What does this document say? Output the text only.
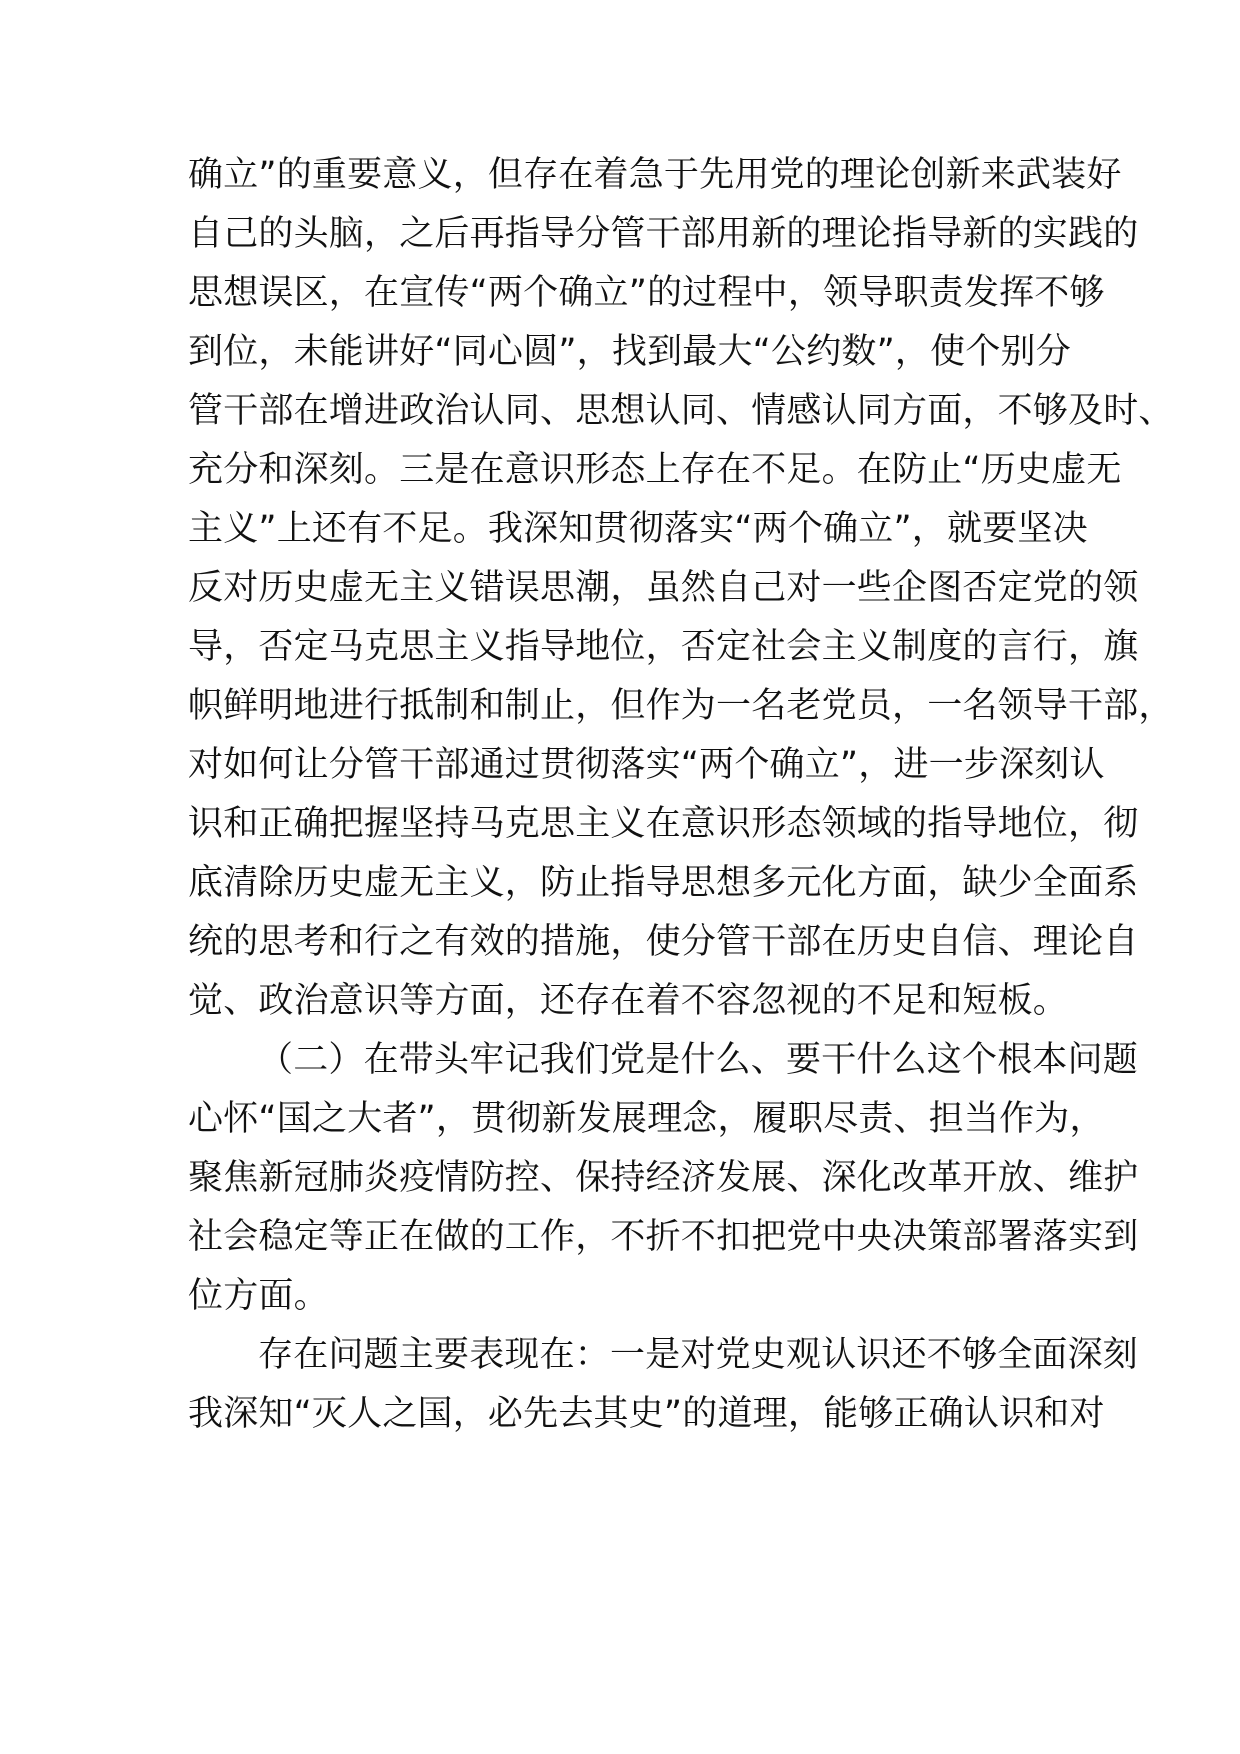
确立”的重要意义，但存在着急于先用党的理论创新来武装好
自己的头脑，之后再指导分管干部用新的理论指导新的实践的
思想误区，在宣传“两个确立”的过程中，领导职责发挥不够
到位，未能讲好“同心圆”，找到最大“公约数”，使个别分
管干部在增进政治认同、思想认同、情感认同方面，不够及时、
充分和深刻。三是在意识形态上存在不足。在防止“历史虚无
主义”上还有不足。我深知贯彻落实“两个确立”，就要坚决
反对历史虚无主义错误思潮，虽然自己对一些企图否定党的领
导，否定马克思主义指导地位，否定社会主义制度的言行，旗
帜鲜明地进行抵制和制止，但作为一名老党员，一名领导干部，
对如何让分管干部通过贯彻落实“两个确立”，进一步深刻认
识和正确把握坚持马克思主义在意识形态领域的指导地位，彻
底清除历史虚无主义，防止指导思想多元化方面，缺少全面系
统的思考和行之有效的措施，使分管干部在历史自信、理论自
觉、政治意识等方面，还存在着不容忽视的不足和短板。
（二）在带头牢记我们党是什么、要干什么这个根本问题
心怀“国之大者”，贯彻新发展理念，履职尽责、担当作为，
聚焦新冠肺炎疫情防控、保持经济发展、深化改革开放、维护
社会稳定等正在做的工作，不折不扣把党中央决策部署落实到
位方面。
存在问题主要表现在：一是对党史观认识还不够全面深刻
我深知“灭人之国，必先去其史”的道理，能够正确认识和对
